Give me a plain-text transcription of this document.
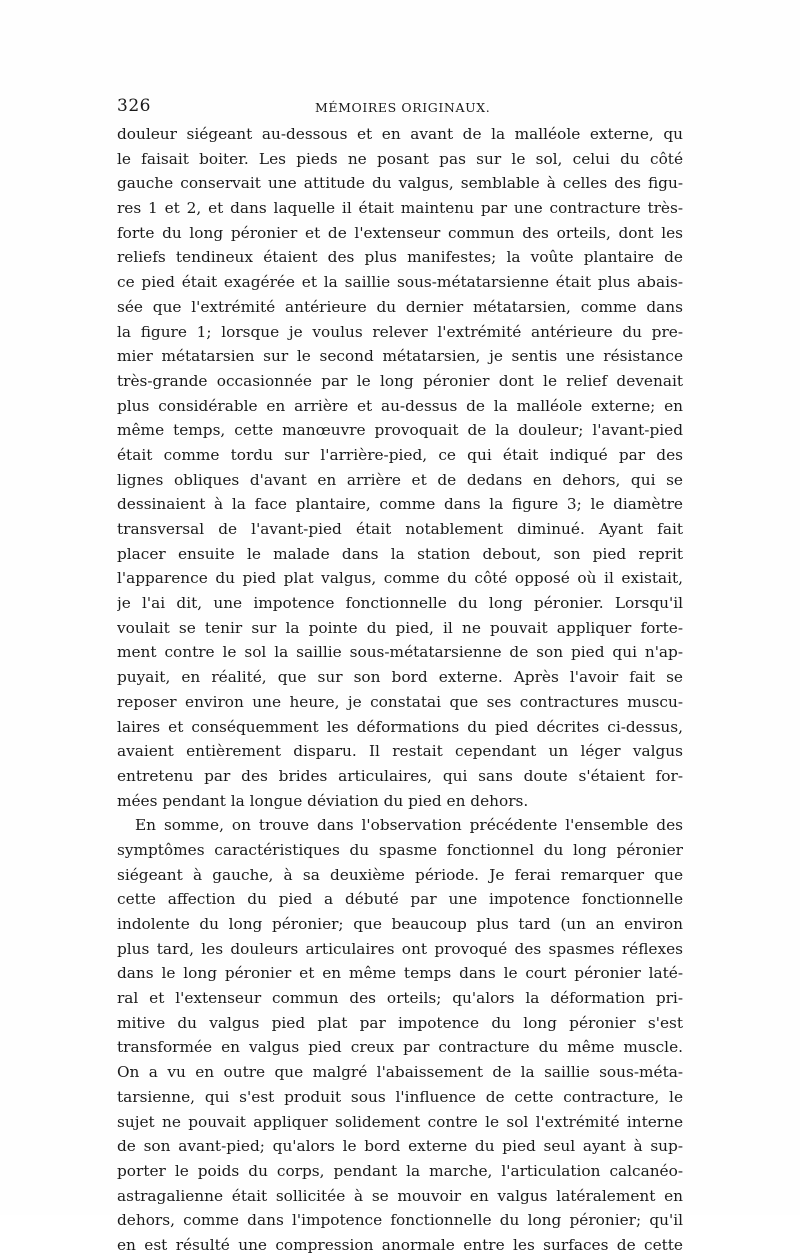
326	MÉMOIRES ORIGINAUX.
douleur siégeant au-dessous et en avant de la malléole externe, qu
le faisait boiter. Les pieds ne posant pas sur le sol, celui du côté
gauche conservait une attitude du valgus, semblable à celles des figu-
res 1 et 2, et dans laquelle il était maintenu par une contracture très-
forte du long péronier et de l'extenseur commun des orteils, dont les
reliefs tendineux étaient des plus manifestes; la voûte plantaire de
ce pied était exagérée et la saillie sous-métatarsienne était plus abais-
sée que l'extrémité antérieure du dernier métatarsien, comme dans
la figure 1; lorsque je voulus relever l'extrémité antérieure du pre-
mier métatarsien sur le second métatarsien, je sentis une résistance
très-grande occasionnée par le long péronier dont le relief devenait
plus considérable en arrière et au-dessus de la malléole externe; en
même temps, cette manœuvre provoquait de la douleur; l'avant-pied
était comme tordu sur l'arrière-pied, ce qui était indiqué par des
lignes obliques d'avant en arrière et de dedans en dehors, qui se
dessinaient à la face plantaire, comme dans la figure 3; le diamètre
transversal de l'avant-pied était notablement diminué. Ayant fait
placer ensuite le malade dans la station debout, son pied reprit
l'apparence du pied plat valgus, comme du côté opposé où il existait,
je l'ai dit, une impotence fonctionnelle du long péronier. Lorsqu'il
voulait se tenir sur la pointe du pied, il ne pouvait appliquer forte-
ment contre le sol la saillie sous-métatarsienne de son pied qui n'ap-
puyait, en réalité, que sur son bord externe. Après l'avoir fait se
reposer environ une heure, je constatai que ses contractures muscu-
laires et conséquemment les déformations du pied décrites ci-dessus,
avaient entièrement disparu. Il restait cependant un léger valgus
entretenu par des brides articulaires, qui sans doute s'étaient for-
mées pendant la longue déviation du pied en dehors.
En somme, on trouve dans l'observation précédente l'ensemble des
symptômes caractéristiques du spasme fonctionnel du long péronier
siégeant à gauche, à sa deuxième période. Je ferai remarquer que
cette affection du pied a débuté par une impotence fonctionnelle
indolente du long péronier; que beaucoup plus tard (un an environ
plus tard, les douleurs articulaires ont provoqué des spasmes réflexes
dans le long péronier et en même temps dans le court péronier laté-
ral et l'extenseur commun des orteils; qu'alors la déformation pri-
mitive du valgus pied plat par impotence du long péronier s'est
transformée en valgus pied creux par contracture du même muscle.
On a vu en outre que malgré l'abaissement de la saillie sous-méta-
tarsienne, qui s'est produit sous l'influence de cette contracture, le
sujet ne pouvait appliquer solidement contre le sol l'extrémité interne
de son avant-pied; qu'alors le bord externe du pied seul ayant à sup-
porter le poids du corps, pendant la marche, l'articulation calcanéo-
astragalienne était sollicitée à se mouvoir en valgus latéralement en
dehors, comme dans l'impotence fonctionnelle du long péronier; qu'il
en est résulté une compression anormale entre les surfaces de cette
